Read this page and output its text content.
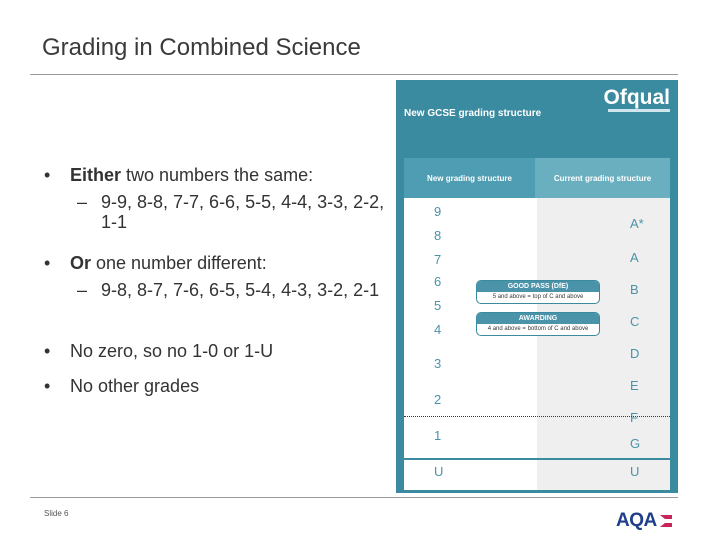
Grading in Combined Science
• Either two numbers the same:
– 9-9, 8-8, 7-7, 6-6, 5-5, 4-4, 3-3, 2-2, 1-1
• Or one number different:
– 9-8, 8-7, 7-6, 6-5, 5-4, 4-3, 3-2, 2-1
• No zero, so no 1-0 or 1-U
• No other grades
Ofqual
New GCSE grading structure
New grading structure	Current grading structure
9
8
7
6
5
4
3
2
1
U
A*
A
B
C
D
E
F
G
U
GOOD PASS (DfE)
5 and above = top of C and above
AWARDING
4 and above = bottom of C and above
Slide 6	AQA
